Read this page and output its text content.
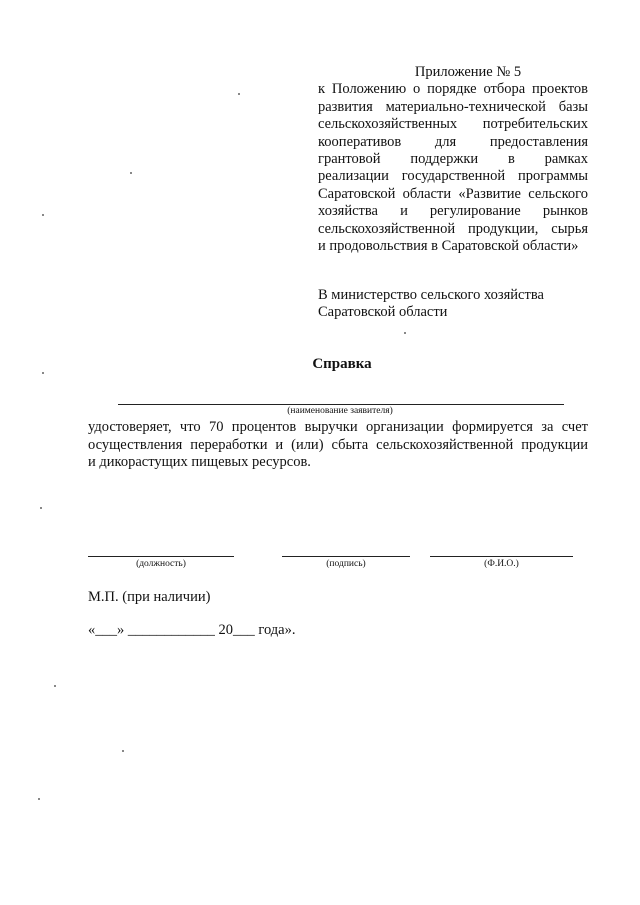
Приложение № 5
к Положению о порядке отбора проектов
развития материально-технической базы
сельскохозяйственных потребительских
кооперативов для предоставления
грантовой поддержки в рамках
реализации государственной программы
Саратовской области «Развитие сельского
хозяйства и регулирование рынков
сельскохозяйственной продукции, сырья
и продовольствия в Саратовской области»
В министерство сельского хозяйства
Саратовской области
Справка
(наименование заявителя)
удостоверяет, что 70 процентов выручки организации формируется за счет
осуществления переработки и (или) сбыта сельскохозяйственной продукции
и дикорастущих пищевых ресурсов.
(должность)	(подпись)	(Ф.И.О.)
М.П. (при наличии)
«___» ____________ 20___ года».
